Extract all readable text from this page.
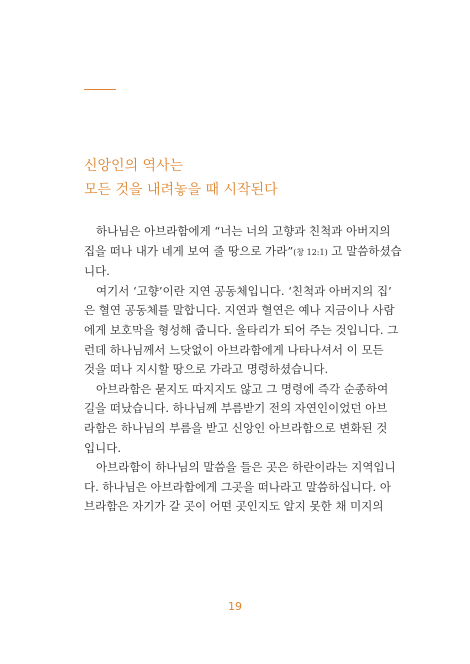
신앙인의 역사는
모든 것을 내려놓을 때 시작된다
하나님은 아브라함에게 “너는 너의 고향과 친척과 아버지의
집을 떠나 내가 네게 보여 줄 땅으로 가라”(창 12:1) 고 말씀하셨습
니다.
여기서 ‘고향’이란 지연 공동체입니다. ‘친척과 아버지의 집’
은 혈연 공동체를 말합니다. 지연과 혈연은 예나 지금이나 사람
에게 보호막을 형성해 줍니다. 울타리가 되어 주는 것입니다. 그
런데 하나님께서 느닷없이 아브라함에게 나타나셔서 이 모든
것을 떠나 지시할 땅으로 가라고 명령하셨습니다.
아브라함은 묻지도 따지지도 않고 그 명령에 즉각 순종하여
길을 떠났습니다. 하나님께 부름받기 전의 자연인이었던 아브
라함은 하나님의 부름을 받고 신앙인 아브라함으로 변화된 것
입니다.
아브라함이 하나님의 말씀을 들은 곳은 하란이라는 지역입니
다. 하나님은 아브라함에게 그곳을 떠나라고 말씀하십니다. 아
브라함은 자기가 갈 곳이 어떤 곳인지도 알지 못한 채 미지의
19
